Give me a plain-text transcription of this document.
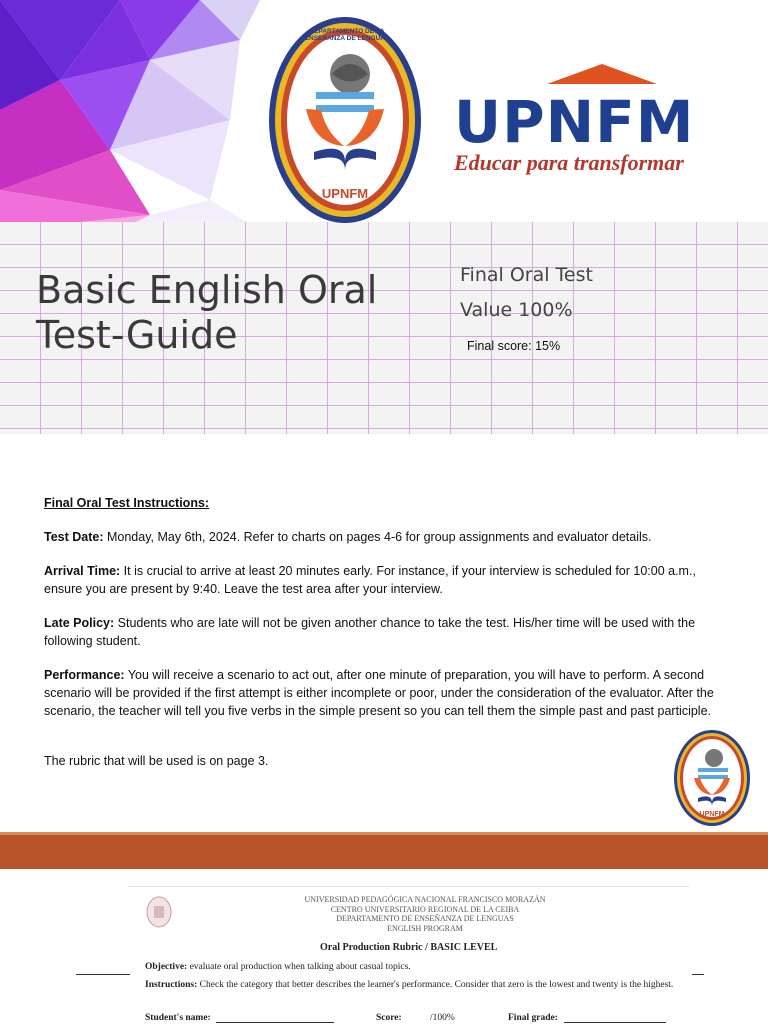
Basic English Oral
Test-Guide
Final Oral Test
Value 100%
Final score: 15%
UPNFM
DEPARTAMENTO DE LA ENSEÑANZA DE LENGUAS
UPNFM
Educar para transformar
Final Oral Test Instructions:
Test Date: Monday, May 6th, 2024. Refer to charts on pages 4-6 for group assignments and evaluator details.
Arrival Time: It is crucial to arrive at least 20 minutes early. For instance, if your interview is scheduled for 10:00 a.m., ensure you are present by 9:40. Leave the test area after your interview.
Late Policy: Students who are late will not be given another chance to take the test. His/her time will be used with the following student.
Performance: You will receive a scenario to act out, after one minute of preparation, you will have to perform. A second scenario will be provided if the first attempt is either incomplete or poor, under the consideration of the evaluator. After the scenario, the teacher will tell you five verbs in the simple present so you can tell them the simple past and past participle.
The rubric that will be used is on page 3.
UPNFM
UNIVERSIDAD PEDAGÓGICA NACIONAL FRANCISCO MORAZÁN
CENTRO UNIVERSITARIO REGIONAL DE LA CEIBA
DEPARTAMENTO DE ENSEÑANZA DE LENGUAS
ENGLISH PROGRAM
Oral Production Rubric / BASIC LEVEL
Objective: evaluate oral production when talking about casual topics.
Instructions: Check the category that better describes the learner's performance. Consider that zero is the lowest and twenty is the highest.
Student's name:	Score:	/100%	Final grade:
